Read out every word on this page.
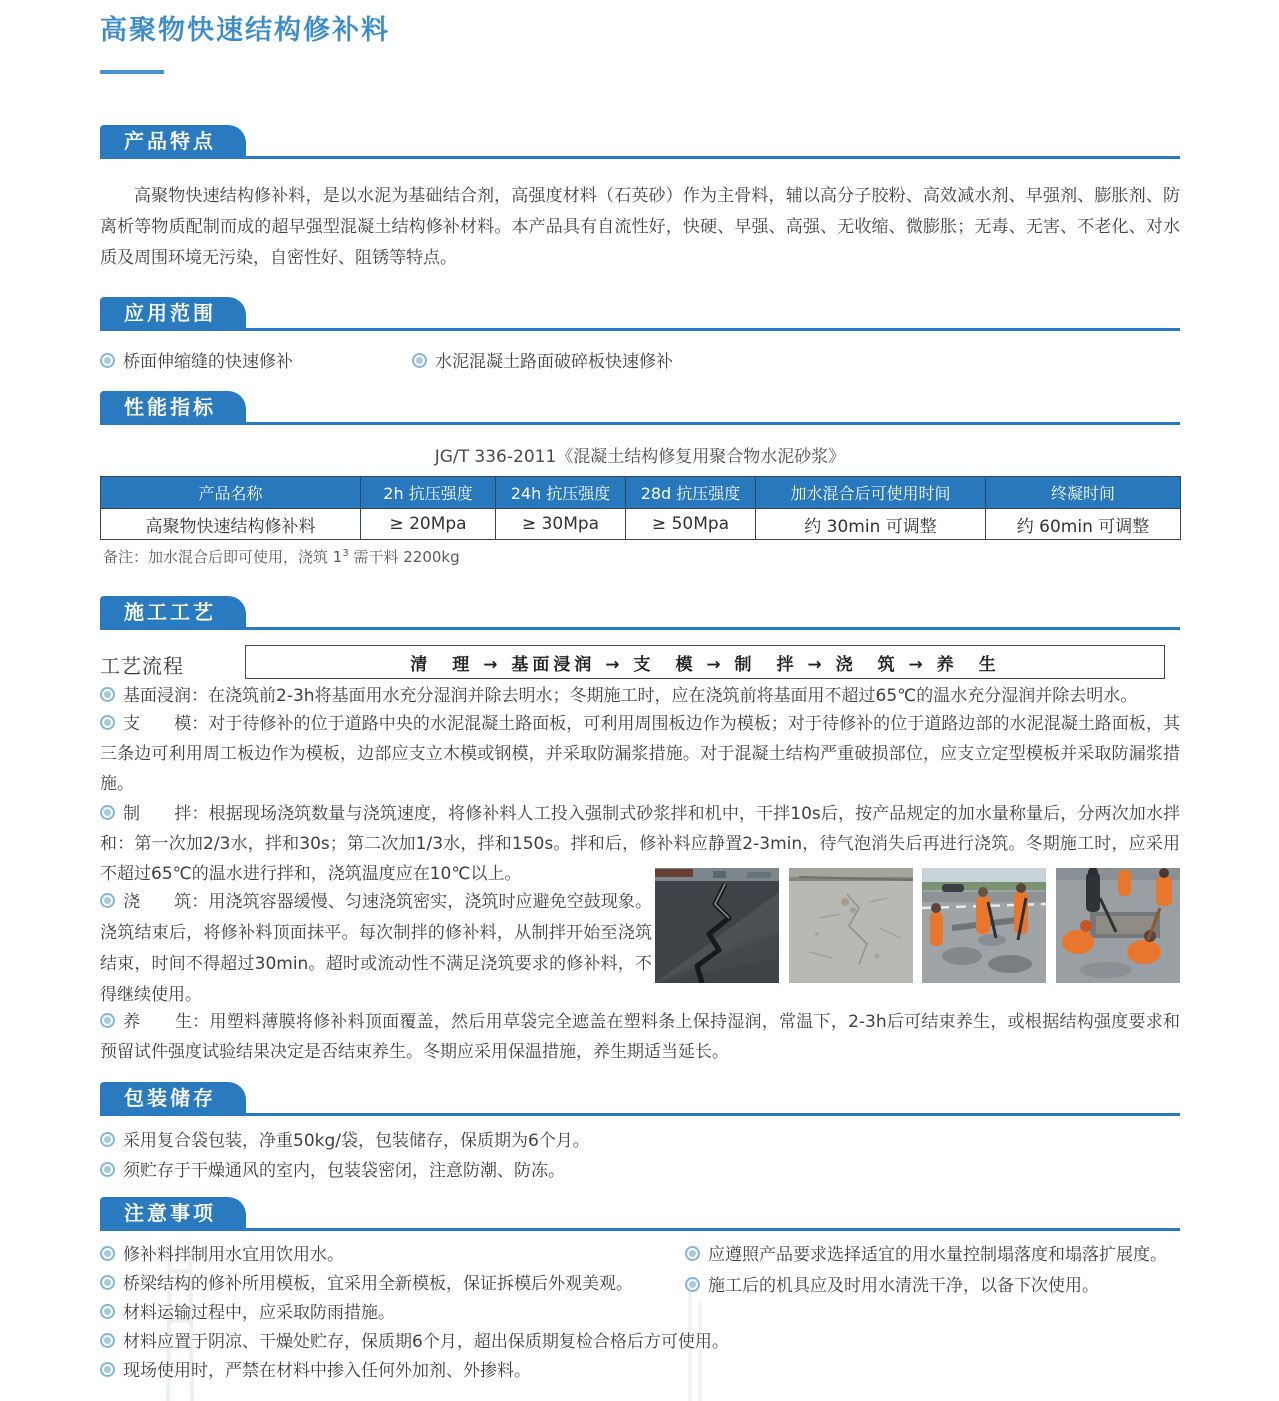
高聚物快速结构修补料
产品特点

高聚物快速结构修补料，是以水泥为基础结合剂，高强度材料（石英砂）作为主骨料，辅以高分子胶粉、高效减水剂、早强剂、膨胀剂、防离析等物质配制而成的超早强型混凝土结构修补材料。本产品具有自流性好，快硬、早强、高强、无收缩、微膨胀；无毒、无害、不老化、对水质及周围环境无污染，自密性好、阻锈等特点。

应用范围
桥面伸缩缝的快速修补	水泥混凝土路面破碎板快速修补
性能指标

JG/T 336-2011《混凝土结构修复用聚合物水泥砂浆》

产品名称	2h 抗压强度	24h 抗压强度	28d 抗压强度	加水混合后可使用时间	终凝时间
高聚物快速结构修补料	≥ 20Mpa	≥ 30Mpa	≥ 50Mpa	约 30min 可调整	约 60min 可调整

备注：加水混合后即可使用，浇筑 $1^3$ 需干料 2200kg

施工工艺

工艺流程	清　理 → 基面浸润 → 支　模 → 制　拌 → 浇　筑 → 养　生

基面浸润：在浇筑前2-3h将基面用水充分湿润并除去明水；冬期施工时，应在浇筑前将基面用不超过65℃的温水充分湿润并除去明水。

支　　模：对于待修补的位于道路中央的水泥混凝土路面板，可利用周围板边作为模板；对于待修补的位于道路边部的水泥混凝土路面板，其三条边可利用周工板边作为模板，边部应支立木模或钢模，并采取防漏浆措施。对于混凝土结构严重破损部位，应支立定型模板并采取防漏浆措施。

制　　拌：根据现场浇筑数量与浇筑速度，将修补料人工投入强制式砂浆拌和机中，干拌10s后，按产品规定的加水量称量后，分两次加水拌和：第一次加2/3水，拌和30s；第二次加1/3水，拌和150s。拌和后，修补料应静置2-3min，待气泡消失后再进行浇筑。冬期施工时，应采用不超过65℃的温水进行拌和，浇筑温度应在10℃以上。

浇　　筑：用浇筑容器缓慢、匀速浇筑密实，浇筑时应避免空鼓现象。浇筑结束后，将修补料顶面抹平。每次制拌的修补料，从制拌开始至浇筑结束，时间不得超过30min。超时或流动性不满足浇筑要求的修补料，不得继续使用。

养　　生：用塑料薄膜将修补料顶面覆盖，然后用草袋完全遮盖在塑料条上保持湿润，常温下，2-3h后可结束养生，或根据结构强度要求和预留试件强度试验结果决定是否结束养生。冬期应采用保温措施，养生期适当延长。

包装储存

采用复合袋包装，净重50kg/袋，包装储存，保质期为6个月。

须贮存于干燥通风的室内，包装袋密闭，注意防潮、防冻。

注意事项

修补料拌制用水宜用饮用水。

桥梁结构的修补所用模板，宜采用全新模板，保证拆模后外观美观。

材料运输过程中，应采取防雨措施。

材料应置于阴凉、干燥处贮存，保质期6个月，超出保质期复检合格后方可使用。

现场使用时，严禁在材料中掺入任何外加剂、外掺料。

应遵照产品要求选择适宜的用水量控制塌落度和塌落扩展度。

施工后的机具应及时用水清洗干净，以备下次使用。
